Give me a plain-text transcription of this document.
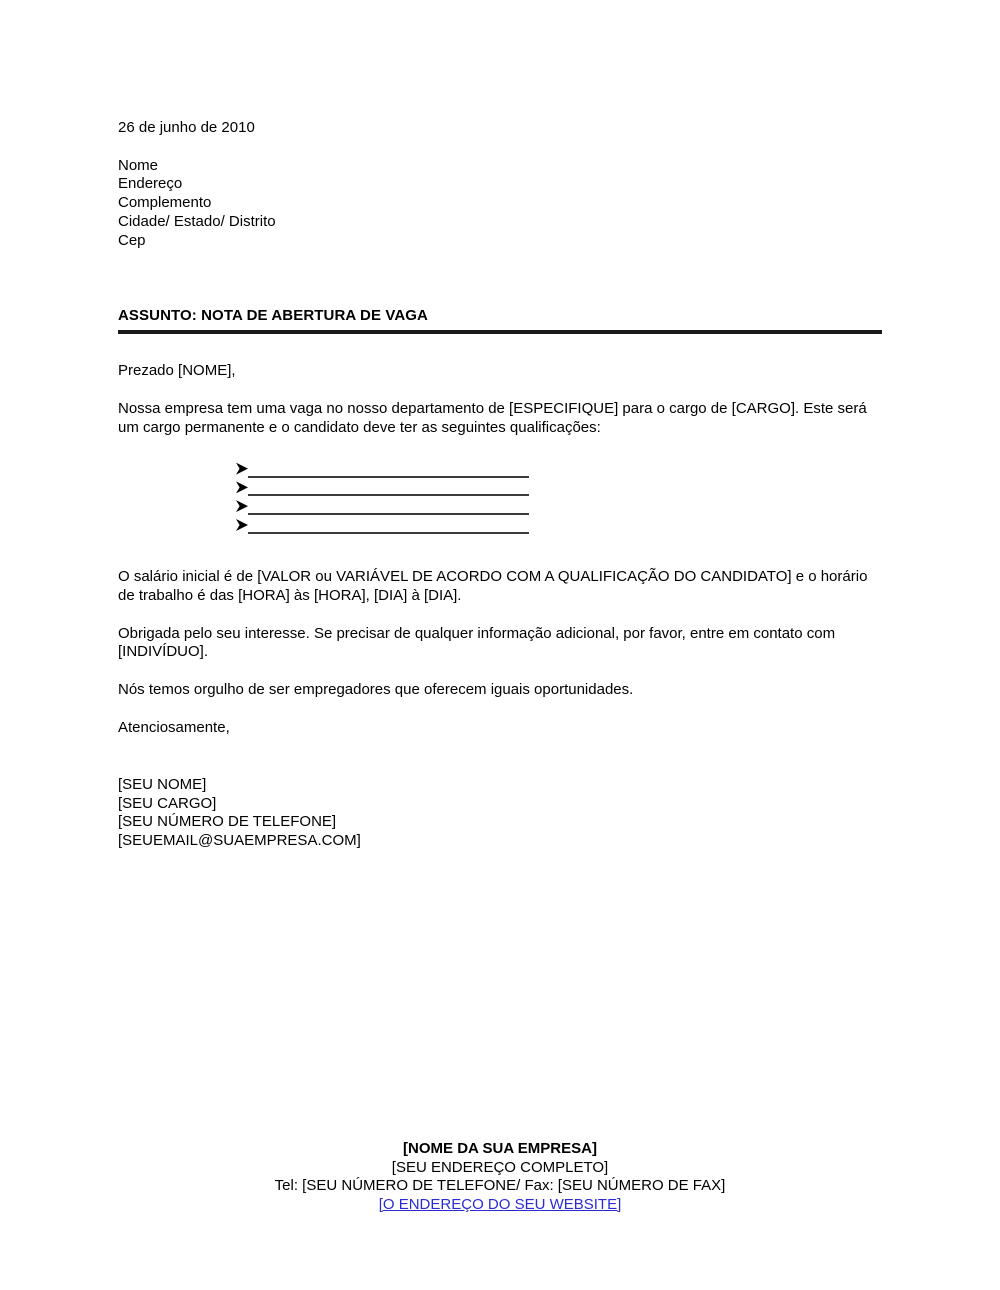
26 de junho de 2010
Nome
Endereço
Complemento
Cidade/ Estado/ Distrito
Cep
ASSUNTO: NOTA DE ABERTURA DE VAGA
Prezado [NOME],
Nossa empresa tem uma vaga no nosso departamento de [ESPECIFIQUE] para o cargo de [CARGO]. Este será um cargo permanente e o candidato deve ter as seguintes qualificações:
O salário inicial é de [VALOR ou VARIÁVEL DE ACORDO COM A QUALIFICAÇÃO DO CANDIDATO] e o horário de trabalho é das [HORA] às [HORA], [DIA] à [DIA].
Obrigada pelo seu interesse. Se precisar de qualquer informação adicional, por favor, entre em contato com [INDIVÍDUO].
Nós temos orgulho de ser empregadores que oferecem iguais oportunidades.
Atenciosamente,
[SEU NOME]
[SEU CARGO]
[SEU NÚMERO DE TELEFONE]
[SEUEMAIL@SUAEMPRESA.COM]
[NOME DA SUA EMPRESA]
[SEU ENDEREÇO COMPLETO]
Tel: [SEU NÚMERO DE TELEFONE/ Fax: [SEU NÚMERO DE FAX]
[O ENDEREÇO DO SEU WEBSITE]
